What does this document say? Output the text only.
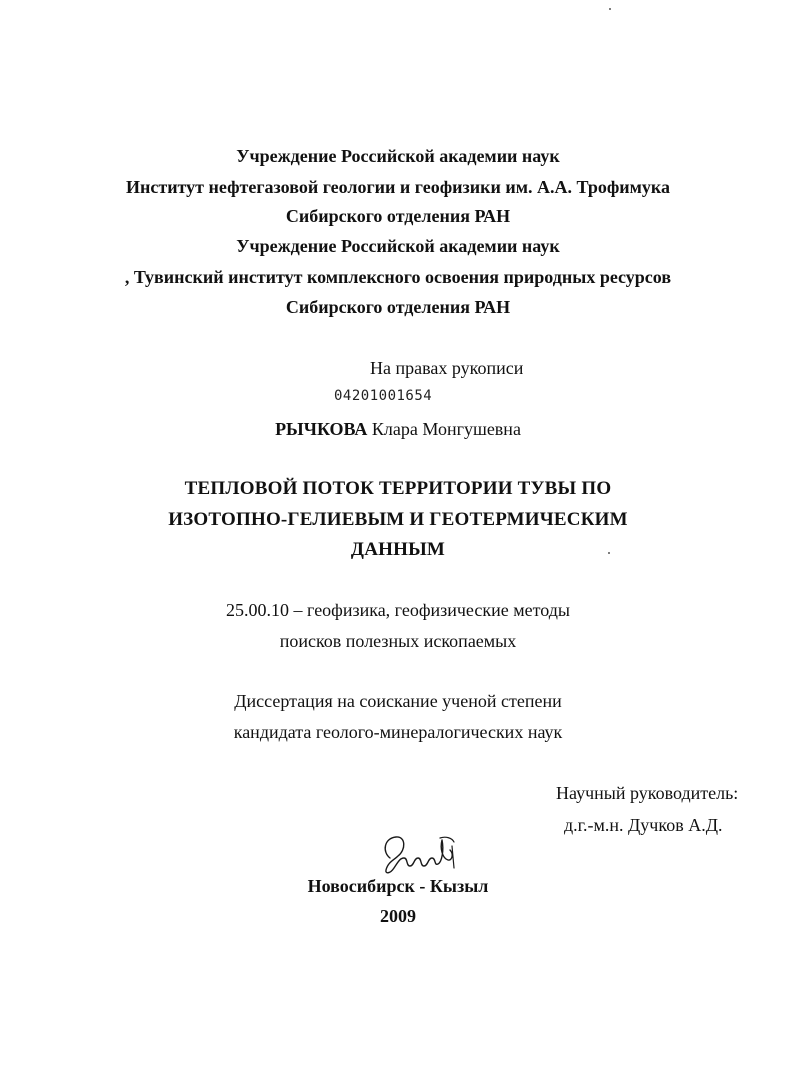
Учреждение Российской академии наук
Институт нефтегазовой геологии и геофизики им. А.А. Трофимука
Сибирского отделения РАН
Учреждение Российской академии наук
, Тувинский институт комплексного освоения природных ресурсов
Сибирского отделения РАН
На правах рукописи
04201001654
РЫЧКОВА Клара Монгушевна
ТЕПЛОВОЙ ПОТОК ТЕРРИТОРИИ ТУВЫ ПО
ИЗОТОПНО-ГЕЛИЕВЫМ И ГЕОТЕРМИЧЕСКИМ
ДАННЫМ
25.00.10 – геофизика, геофизические методы
поисков полезных ископаемых
Диссертация на соискание ученой степени
кандидата геолого-минералогических наук
Научный руководитель:
д.г.-м.н. Дучков А.Д.
Новосибирск - Кызыл
2009
